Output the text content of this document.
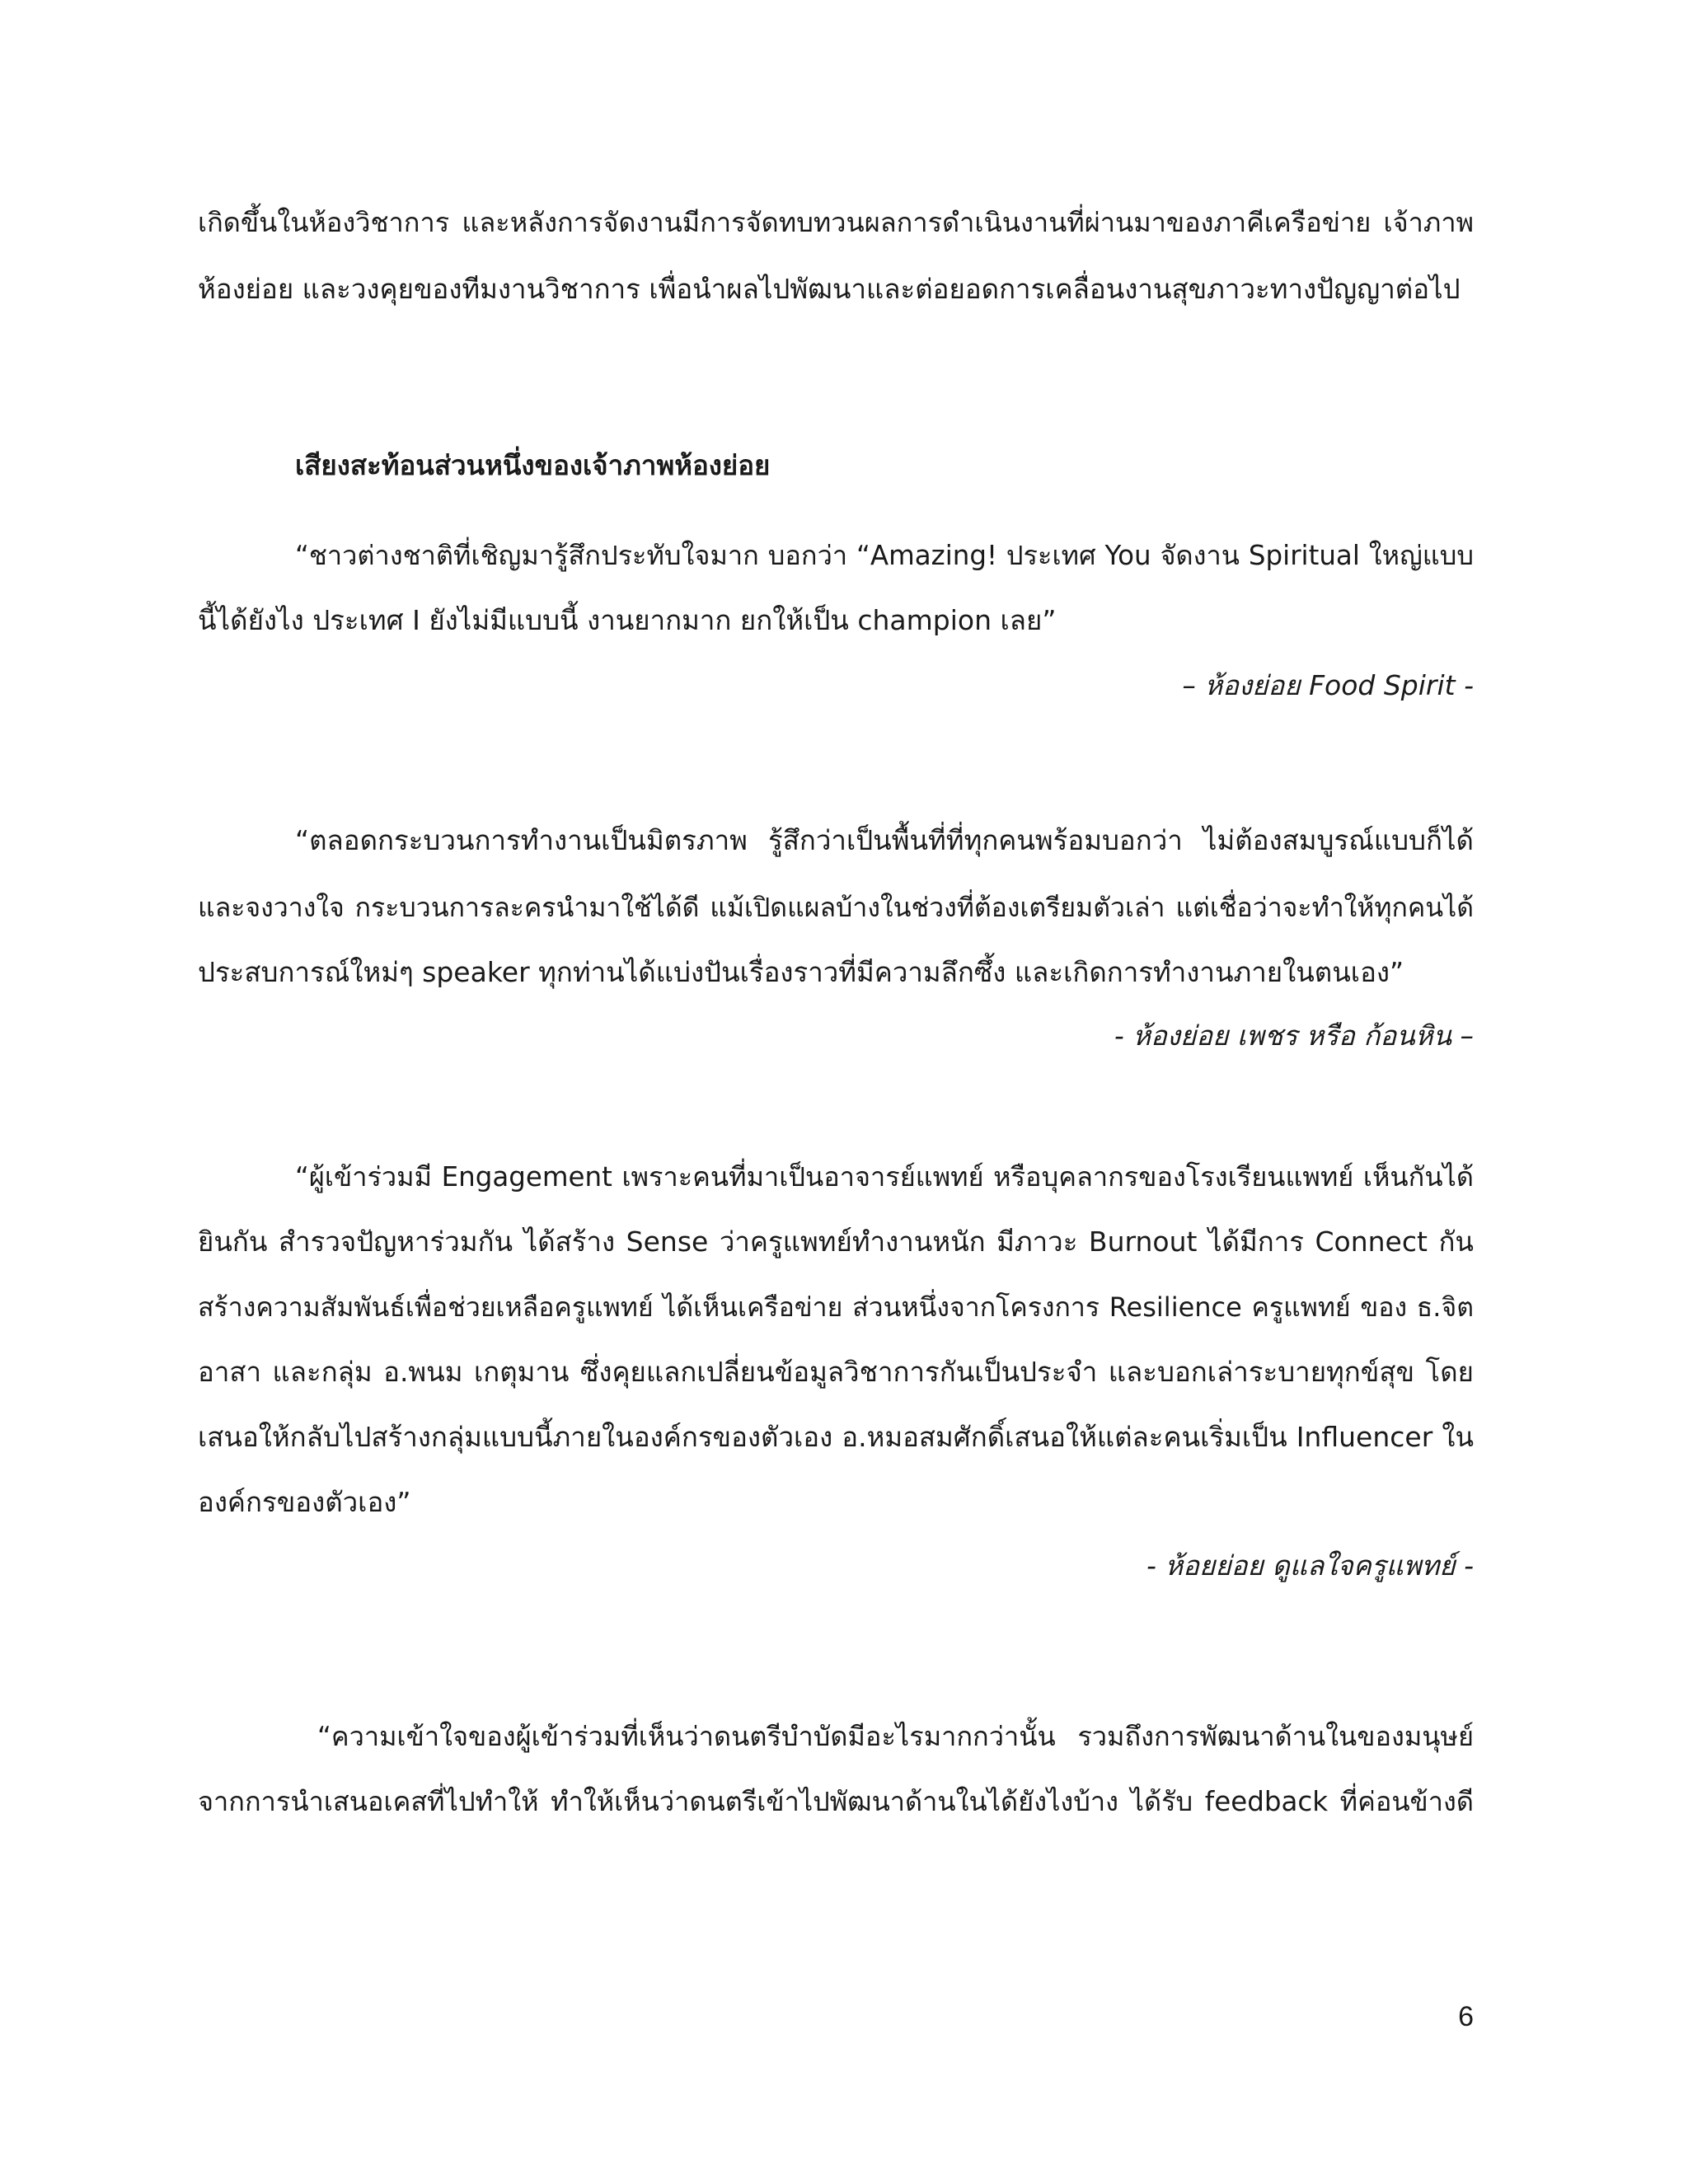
เกิดขึ้นในห้องวิชาการ และหลังการจัดงานมีการจัดทบทวนผลการดำเนินงานที่ผ่านมาของภาคีเครือข่าย เจ้าภาพ
ห้องย่อย และวงคุยของทีมงานวิชาการ เพื่อนำผลไปพัฒนาและต่อยอดการเคลื่อนงานสุขภาวะทางปัญญาต่อไป
เสียงสะท้อนส่วนหนึ่งของเจ้าภาพห้องย่อย
“ชาวต่างชาติที่เชิญมารู้สึกประทับใจมาก บอกว่า “Amazing! ประเทศ You จัดงาน Spiritual ใหญ่แบบ
นี้ได้ยังไง ประเทศ I ยังไม่มีแบบนี้ งานยากมาก ยกให้เป็น champion เลย”
– ห้องย่อย Food Spirit -
“ตลอดกระบวนการทำงานเป็นมิตรภาพ รู้สึกว่าเป็นพื้นที่ที่ทุกคนพร้อมบอกว่า ไม่ต้องสมบูรณ์แบบก็ได้
และจงวางใจ กระบวนการละครนำมาใช้ได้ดี แม้เปิดแผลบ้างในช่วงที่ต้องเตรียมตัวเล่า แต่เชื่อว่าจะทำให้ทุกคนได้
ประสบการณ์ใหม่ๆ speaker ทุกท่านได้แบ่งปันเรื่องราวที่มีความลึกซึ้ง และเกิดการทำงานภายในตนเอง”
- ห้องย่อย เพชร หรือ ก้อนหิน –
“ผู้เข้าร่วมมี Engagement เพราะคนที่มาเป็นอาจารย์แพทย์ หรือบุคลากรของโรงเรียนแพทย์ เห็นกันได้
ยินกัน สำรวจปัญหาร่วมกัน ได้สร้าง Sense ว่าครูแพทย์ทำงานหนัก มีภาวะ Burnout ได้มีการ Connect กัน
สร้างความสัมพันธ์เพื่อช่วยเหลือครูแพทย์ ได้เห็นเครือข่าย ส่วนหนึ่งจากโครงการ Resilience ครูแพทย์ ของ ธ.จิต
อาสา และกลุ่ม อ.พนม เกตุมาน ซึ่งคุยแลกเปลี่ยนข้อมูลวิชาการกันเป็นประจำ และบอกเล่าระบายทุกข์สุข โดย
เสนอให้กลับไปสร้างกลุ่มแบบนี้ภายในองค์กรของตัวเอง อ.หมอสมศักดิ์เสนอให้แต่ละคนเริ่มเป็น Influencer ใน
องค์กรของตัวเอง”
- ห้อยย่อย ดูแลใจครูแพทย์ -
“ความเข้าใจของผู้เข้าร่วมที่เห็นว่าดนตรีบำบัดมีอะไรมากกว่านั้น รวมถึงการพัฒนาด้านในของมนุษย์
จากการนำเสนอเคสที่ไปทำให้ ทำให้เห็นว่าดนตรีเข้าไปพัฒนาด้านในได้ยังไงบ้าง ได้รับ feedback ที่ค่อนข้างดี
6
